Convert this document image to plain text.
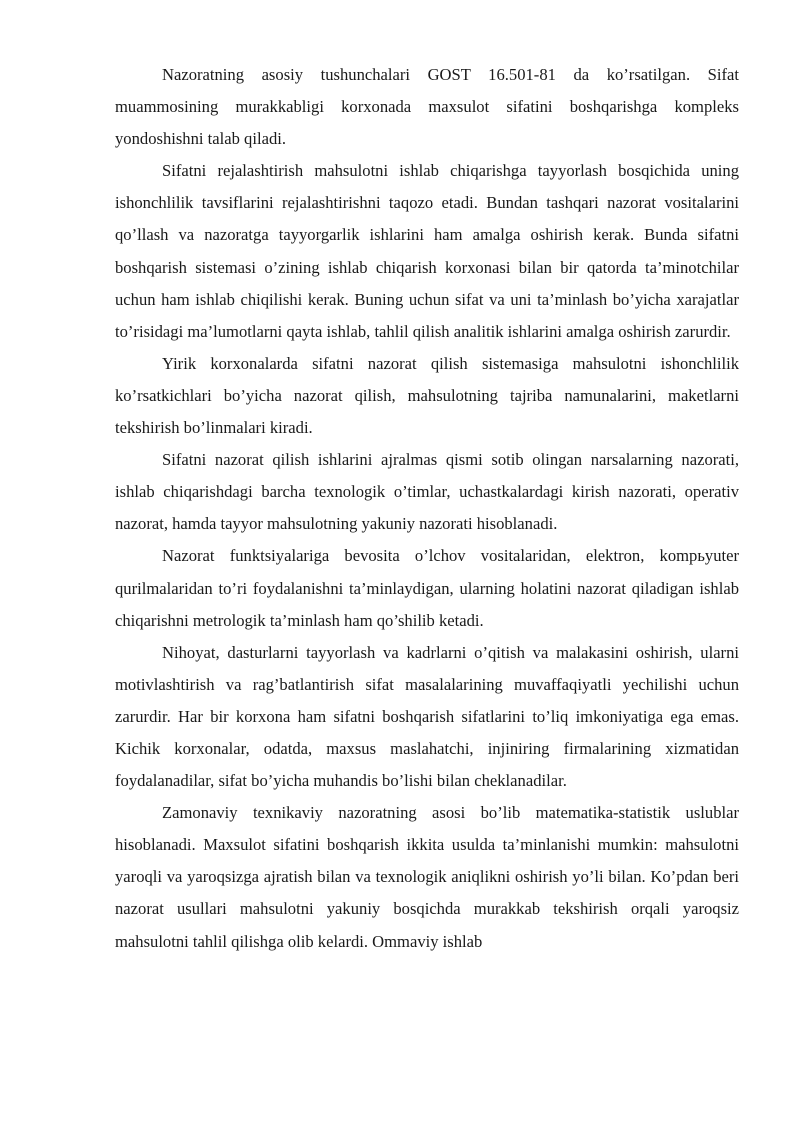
Nazoratning asosiy tushunchalari GOST 16.501-81 da ko’rsatilgan. Sifat muammosining murakkabligi korxonada maxsulot sifatini boshqarishga kompleks yondoshishni talab qiladi.

Sifatni rejalashtirish mahsulotni ishlab chiqarishga tayyorlash bosqichida uning ishonchlilik tavsiflarini rejalashtirishni taqozo etadi. Bundan tashqari nazorat vositalarini qo’llash va nazoratga tayyorgarlik ishlarini ham amalga oshirish kerak. Bunda sifatni boshqarish sistemasi o’zining ishlab chiqarish korxonasi bilan bir qatorda ta’minotchilar uchun ham ishlab chiqilishi kerak. Buning uchun sifat va uni ta’minlash bo’yicha xarajatlar to’risidagi ma’lumotlarni qayta ishlab, tahlil qilish analitik ishlarini amalga oshirish zarurdir.

Yirik korxonalarda sifatni nazorat qilish sistemasiga mahsulotni ishonchlilik ko’rsatkichlari bo’yicha nazorat qilish, mahsulotning tajriba namunalarini, maketlarni tekshirish bo’linmalari kiradi.

Sifatni nazorat qilish ishlarini ajralmas qismi sotib olingan narsalarning nazorati, ishlab chiqarishdagi barcha texnologik o’timlar, uchastkalardagi kirish nazorati, operativ nazorat, hamda tayyor mahsulotning yakuniy nazorati hisoblanadi.

Nazorat funktsiyalariga bevosita o’lchov vositalaridan, elektron, kompьyuter qurilmalaridan to’ri foydalanishni ta’minlaydigan, ularning holatini nazorat qiladigan ishlab chiqarishni metrologik ta’minlash ham qo’shilib ketadi.

Nihoyat, dasturlarni tayyorlash va kadrlarni o’qitish va malakasini oshirish, ularni motivlashtirish va rag’batlantirish sifat masalalarining muvaffaqiyatli yechilishi uchun zarurdir. Har bir korxona ham sifatni boshqarish sifatlarini to’liq imkoniyatiga ega emas. Kichik korxonalar, odatda, maxsus maslahatchi, injiniring firmalarining xizmatidan foydalanadilar, sifat bo’yicha muhandis bo’lishi bilan cheklanadilar.

Zamonaviy texnikaviy nazoratning asosi bo’lib matematika-statistik uslublar hisoblanadi. Maxsulot sifatini boshqarish ikkita usulda ta’minlanishi mumkin: mahsulotni yaroqli va yaroqsizga ajratish bilan va texnologik aniqlikni oshirish yo’li bilan. Ko’pdan beri nazorat usullari mahsulotni yakuniy bosqichda murakkab tekshirish orqali yaroqsiz mahsulotni tahlil qilishga olib kelardi. Ommaviy ishlab
